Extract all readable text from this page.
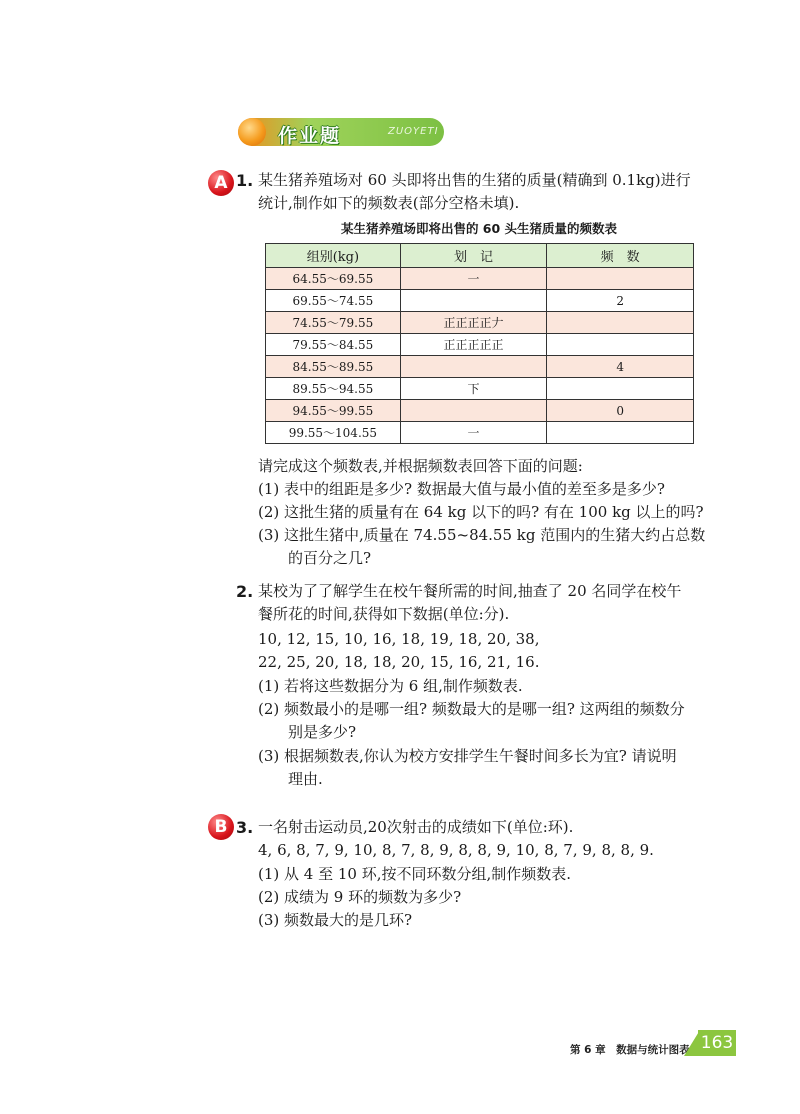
作业题	ZUOYETI
A 1. 某生猪养殖场对 60 头即将出售的生猪的质量(精确到 0.1kg)进行
统计,制作如下的频数表(部分空格未填).
某生猪养殖场即将出售的 60 头生猪质量的频数表
组别(kg)	划　记	频　数
64.55～69.55	一	
69.55～74.55		2
74.55～79.55	正正正正𠂇	
79.55～84.55	正正正正正	
84.55～89.55		4
89.55～94.55	下	
94.55～99.55		0
99.55～104.55	一	
请完成这个频数表,并根据频数表回答下面的问题:
(1) 表中的组距是多少? 数据最大值与最小值的差至多是多少?
(2) 这批生猪的质量有在 64 kg 以下的吗? 有在 100 kg 以上的吗?
(3) 这批生猪中,质量在 74.55~84.55 kg 范围内的生猪大约占总数
的百分之几?
2. 某校为了了解学生在校午餐所需的时间,抽查了 20 名同学在校午
餐所花的时间,获得如下数据(单位:分).
10, 12, 15, 10, 16, 18, 19, 18, 20, 38,
22, 25, 20, 18, 18, 20, 15, 16, 21, 16.
(1) 若将这些数据分为 6 组,制作频数表.
(2) 频数最小的是哪一组? 频数最大的是哪一组? 这两组的频数分
别是多少?
(3) 根据频数表,你认为校方安排学生午餐时间多长为宜? 请说明
理由.
B 3. 一名射击运动员,20次射击的成绩如下(单位:环).
4, 6, 8, 7, 9, 10, 8, 7, 8, 9, 8, 8, 9, 10, 8, 7, 9, 8, 8, 9.
(1) 从 4 至 10 环,按不同环数分组,制作频数表.
(2) 成绩为 9 环的频数为多少?
(3) 频数最大的是几环?
第 6 章　数据与统计图表 163
